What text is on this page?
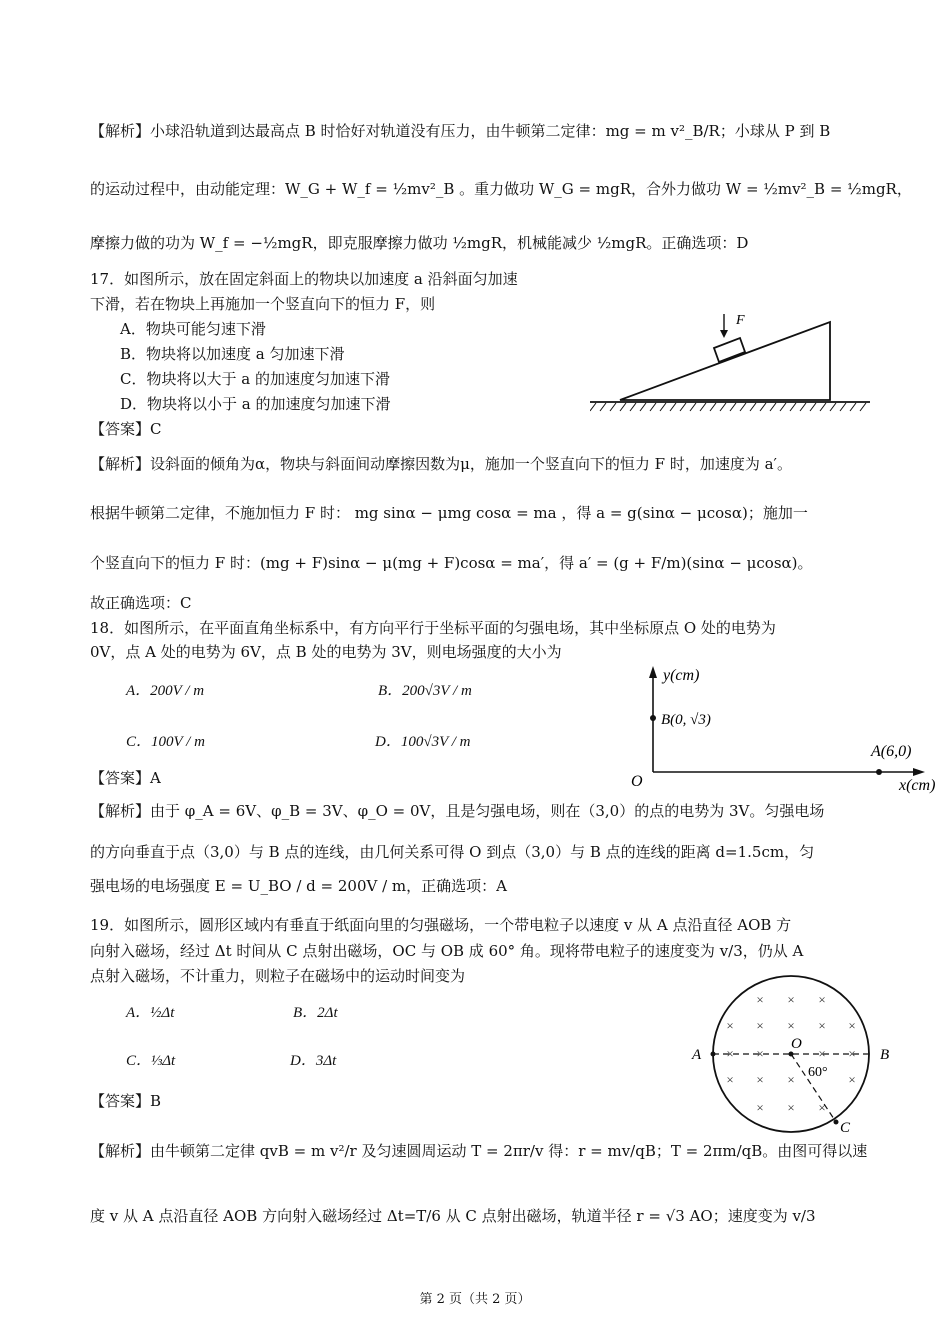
【解析】小球沿轨道到达最高点 B 时恰好对轨道没有压力，由牛顿第二定律：mg = m v²_B/R；小球从 P 到 B
的运动过程中，由动能定理：W_G + W_f = ½mv²_B 。重力做功 W_G = mgR，合外力做功 W = ½mv²_B = ½mgR，
摩擦力做的功为 W_f = −½mgR，即克服摩擦力做功 ½mgR，机械能减少 ½mgR。正确选项：D
17．如图所示，放在固定斜面上的物块以加速度 a 沿斜面匀加速
下滑，若在物块上再施加一个竖直向下的恒力 F，则
A．物块可能匀速下滑
B．物块将以加速度 a 匀加速下滑
C．物块将以大于 a 的加速度匀加速下滑
D．物块将以小于 a 的加速度匀加速下滑
【答案】C
F
【解析】设斜面的倾角为α，物块与斜面间动摩擦因数为μ，施加一个竖直向下的恒力 F 时，加速度为 a′。
根据牛顿第二定律，不施加恒力 F 时： mg sinα − μmg cosα = ma ，得 a = g(sinα − μcosα)；施加一
个竖直向下的恒力 F 时：(mg + F)sinα − μ(mg + F)cosα = ma′，得 a′ = (g + F/m)(sinα − μcosα)。
故正确选项：C
18．如图所示，在平面直角坐标系中，有方向平行于坐标平面的匀强电场，其中坐标原点 O 处的电势为
0V，点 A 处的电势为 6V，点 B 处的电势为 3V，则电场强度的大小为
A．200V / m	B．200√3V / m
C．100V / m	D．100√3V / m
【答案】A
y(cm)
x(cm)
O
B(0, √3)
A(6,0)
【解析】由于 φ_A = 6V、φ_B = 3V、φ_O = 0V，且是匀强电场，则在（3,0）的点的电势为 3V。匀强电场
的方向垂直于点（3,0）与 B 点的连线，由几何关系可得 O 到点（3,0）与 B 点的连线的距离 d=1.5cm，匀
强电场的电场强度 E = U_BO / d = 200V / m，正确选项：A
19．如图所示，圆形区域内有垂直于纸面向里的匀强磁场，一个带电粒子以速度 v 从 A 点沿直径 AOB 方
向射入磁场，经过 Δt 时间从 C 点射出磁场，OC 与 OB 成 60° 角。现将带电粒子的速度变为 v/3，仍从 A
点射入磁场，不计重力，则粒子在磁场中的运动时间变为
A．½Δt	B．2Δt
C．⅓Δt	D．3Δt
【答案】B
× × ×
× × × × ×
× ×	× ×
× × ×	×
× × ×
A	B
O
C
60°
【解析】由牛顿第二定律 qvB = m v²/r 及匀速圆周运动 T = 2πr/v 得：r = mv/qB；T = 2πm/qB。由图可得以速
度 v 从 A 点沿直径 AOB 方向射入磁场经过 Δt=T/6 从 C 点射出磁场，轨道半径 r = √3 AO；速度变为 v/3
第 2 页（共 2 页）
